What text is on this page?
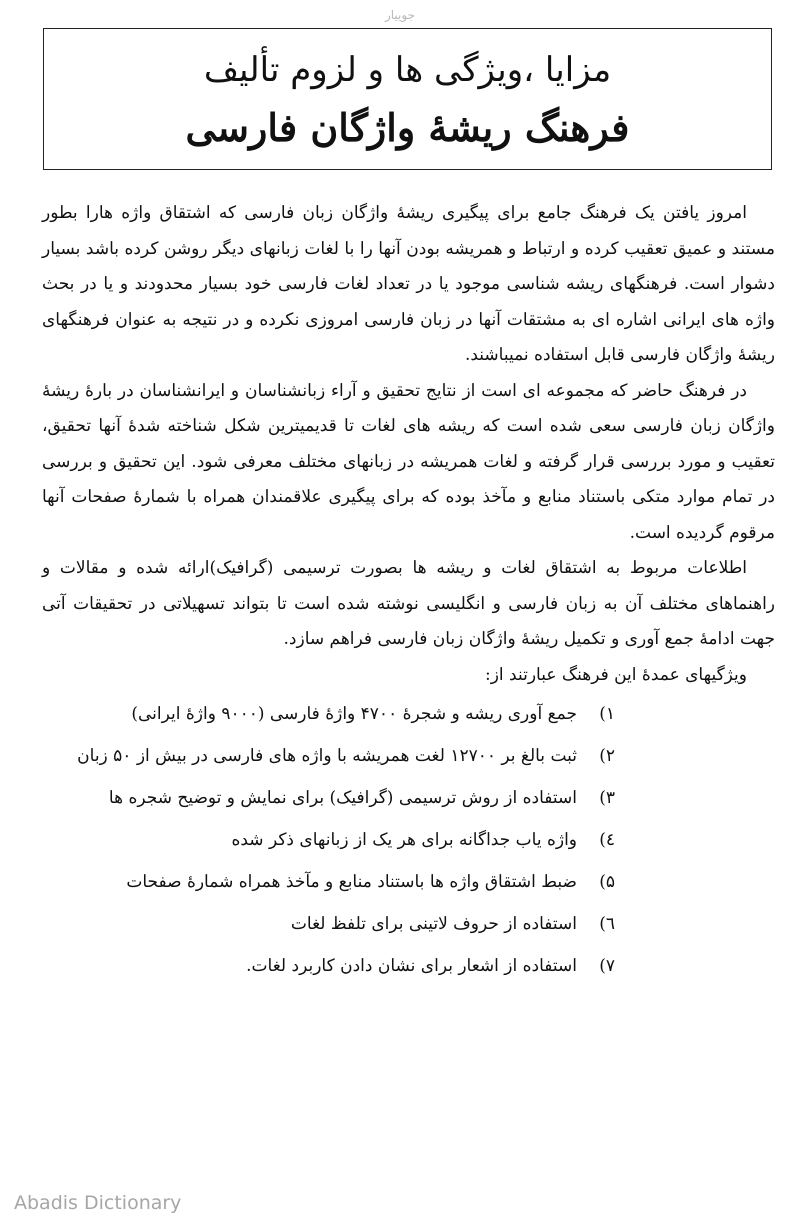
جوییار
مزایا ،ویژگی ها و لزوم تألیف
فرهنگ ریشۀ واژگان فارسی

امروز یافتن یک فرهنگ جامع برای پیگیری ریشۀ واژگان زبان فارسی که اشتقاق واژه هارا بطور مستند و عمیق تعقیب کرده و ارتباط و همریشه بودن آنها را با لغات زبانهای دیگر روشن کرده باشد بسیار دشوار است. فرهنگهای ریشه شناسی موجود یا در تعداد لغات فارسی خود بسیار محدودند و یا در بحث واژه های ایرانی اشاره ای به مشتقات آنها در زبان فارسی امروزی نکرده و در نتیجه به عنوان فرهنگهای ریشۀ واژگان فارسی قابل استفاده نمیباشند.

در فرهنگ حاضر که مجموعه ای است از نتایج تحقیق و آراء زبانشناسان و ایرانشناسان در بارۀ ریشۀ واژگان زبان فارسی سعی شده است که ریشه های لغات تا قدیمیترین شکل شناخته شدۀ آنها تحقیق، تعقیب و مورد بررسی قرار گرفته و لغات همریشه در زبانهای مختلف معرفی شود. این تحقیق و بررسی در تمام موارد متکی باستناد منابع و مآخذ بوده که برای پیگیری علاقمندان همراه با شمارۀ صفحات آنها مرقوم گردیده است.

اطلاعات مربوط به اشتقاق لغات و ریشه ها بصورت ترسیمی (گرافیک)ارائه شده و مقالات و راهنماهای مختلف آن به زبان فارسی و انگلیسی نوشته شده است تا بتواند تسهیلاتی در تحقیقات آتی جهت ادامۀ جمع آوری و تکمیل ریشۀ واژگان زبان فارسی فراهم سازد.

ویژگیهای عمدۀ این فرهنگ عبارتند از:

۱)
جمع آوری ریشه و شجرۀ ۴۷۰۰ واژۀ فارسی (۹۰۰۰ واژۀ ایرانی)
۲)
ثبت بالغ بر ۱۲۷۰۰ لغت همریشه با واژه های فارسی در بیش از ۵۰ زبان
۳)
استفاده از روش ترسیمی (گرافیک) برای نمایش و توضیح شجره ها
٤)
واژه یاب جداگانه برای هر یک از زبانهای ذکر شده
۵)
ضبط اشتقاق واژه ها باستناد منابع و مآخذ همراه شمارۀ صفحات
٦)
استفاده از حروف لاتینی برای تلفظ لغات
۷)
استفاده از اشعار برای نشان دادن کاربرد لغات.
Abadis Dictionary
